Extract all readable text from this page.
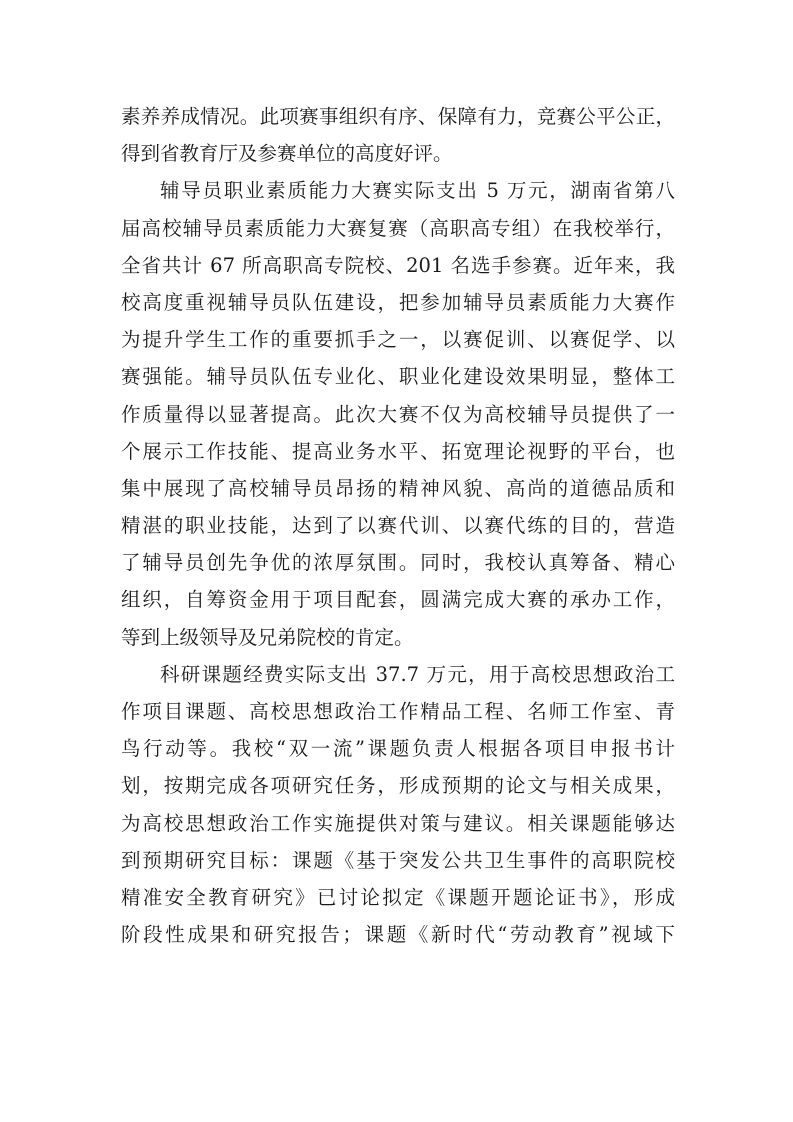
素养养成情况。此项赛事组织有序、保障有力，竞赛公平公正，
得到省教育厅及参赛单位的高度好评。
辅导员职业素质能力大赛实际支出 5 万元，湖南省第八
届高校辅导员素质能力大赛复赛（高职高专组）在我校举行，
全省共计 67 所高职高专院校、201 名选手参赛。近年来，我
校高度重视辅导员队伍建设，把参加辅导员素质能力大赛作
为提升学生工作的重要抓手之一，以赛促训、以赛促学、以
赛强能。辅导员队伍专业化、职业化建设效果明显，整体工
作质量得以显著提高。此次大赛不仅为高校辅导员提供了一
个展示工作技能、提高业务水平、拓宽理论视野的平台，也
集中展现了高校辅导员昂扬的精神风貌、高尚的道德品质和
精湛的职业技能，达到了以赛代训、以赛代练的目的，营造
了辅导员创先争优的浓厚氛围。同时，我校认真筹备、精心
组织，自筹资金用于项目配套，圆满完成大赛的承办工作，
等到上级领导及兄弟院校的肯定。
科研课题经费实际支出 37.7 万元，用于高校思想政治工
作项目课题、高校思想政治工作精品工程、名师工作室、青
鸟行动等。我校“双一流”课题负责人根据各项目申报书计
划，按期完成各项研究任务，形成预期的论文与相关成果，
为高校思想政治工作实施提供对策与建议。相关课题能够达
到预期研究目标：课题《基于突发公共卫生事件的高职院校
精准安全教育研究》已讨论拟定《课题开题论证书》，形成
阶段性成果和研究报告；课题《新时代“劳动教育”视域下
